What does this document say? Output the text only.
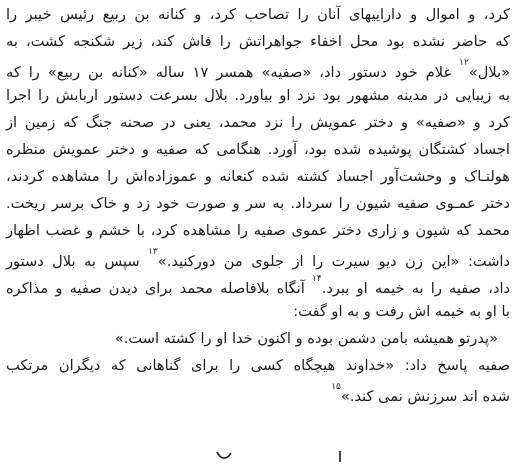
کرد، و اموال و داراییهای آنان را تصاحب کرد، و کنانه بن ربیع رئیس خیبر را
که حاضر نشده بود محل اخفاء جواهراتش را فاش کند، زیر شکنجه کشت، به
«بلال»$^{۱۲}$ غلام خود دستور داد، «صفیه» همسر ۱۷ ساله «کنانه بن ربیع» را که
به زیبایی در مدینه مشهور بود نزد او بیاورد. بلال بسرعت دستور اربابش را اجرا
کرد و «صفیه» و دختر عمویش را نزد محمد، یعنی در صحنه جنگ که زمین از
اجساد کشتگان پوشیده شده بود، آورد. هنگامی که صفیه و دختر عمویش منظره
هولنـاک و وحشت‌آور اجساد کشته شده کنعانه و عموزاده‌اش را مشاهده کردند،
دختر عمـوی صفیه شیون را سرداد. به سر و صورت خود زد و خاک برسر ریخت.
محمد که شیون و زاری دختر عموی صفیه را مشاهده کرد، با خشم و غضب اظهار
داشت: «این زن دیو سیرت را از جلوی من دورکنید.»$^{۱۳}$ سپس به بلال دستور
داد، صفیه را به خیمه او ببرد.$^{۱۴}$ آنگاه بلافاصله محمد برای دیدن صفیه و مذاکره
با او به خیمه اش رفت و به او گفت:
«پدرتو همیشه بامن دشمن بوده و اکنون خدا او را کشته است.»
صفیه پاسخ داد: «خداوند هیچگاه کسی را برای گناهانی که دیگران مرتکب
شده اند سرزنش نمی کند.»$^{۱۵}$
